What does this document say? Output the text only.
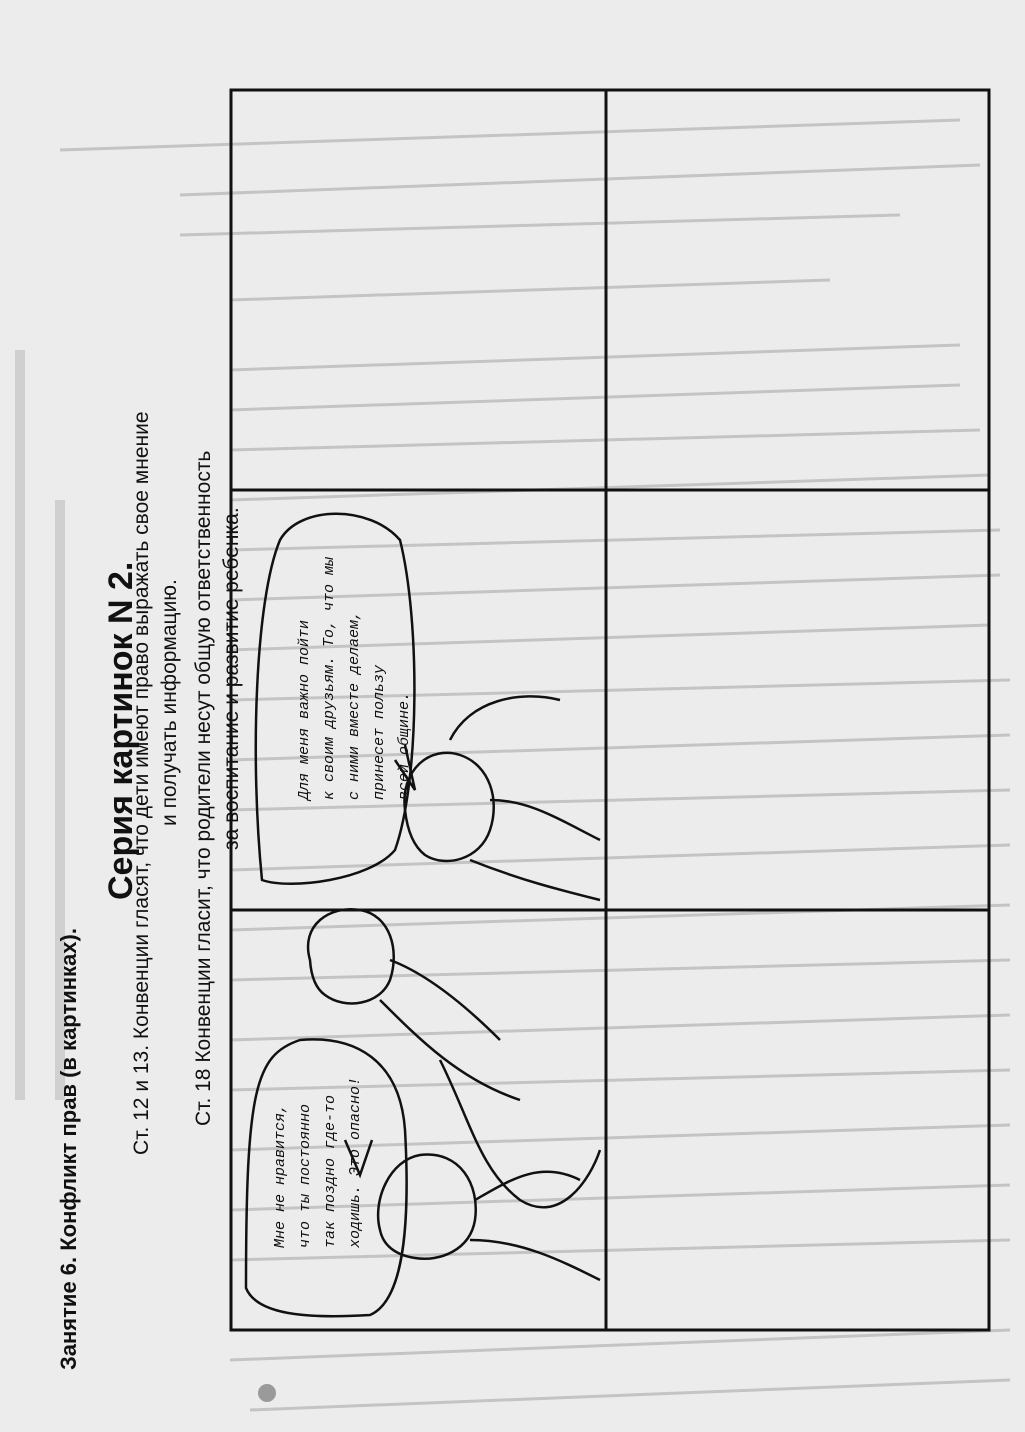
Занятие 6. Конфликт прав (в картинках).
Серия картинок N 2.
Ст. 12 и 13. Конвенции гласят, что дети имеют право выражать свое мнение и получать информацию. Ст. 18 Конвенции гласит, что родители несут общую ответственность за воспитание и развитие ребенка.
Мне не нравится,
что ты постоянно
так поздно где-то
ходишь. Это опасно!
Для меня важно пойти
к своим друзьям. То, что мы
с ними вместе делаем,
принесет пользу
всей общине.
